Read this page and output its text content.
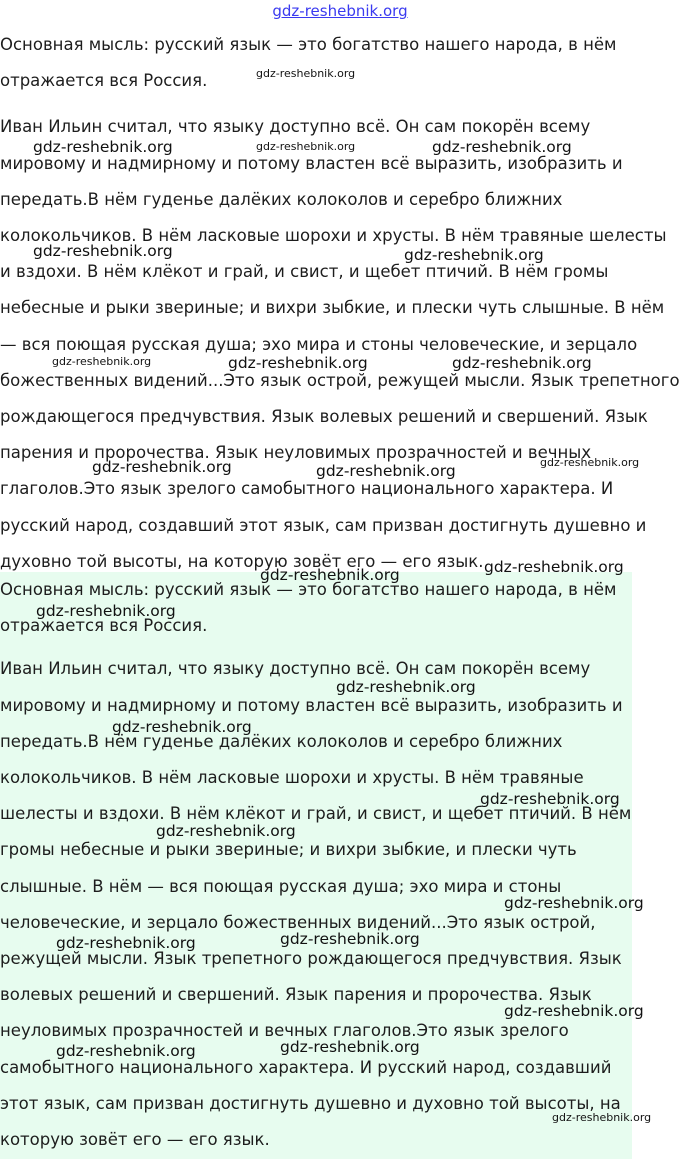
gdz-reshebnik.org

Основная мысль: русский язык — это богатство нашего народа, в нём отражается вся Россия.

Иван Ильин считал, что языку доступно всё. Он сам покорён всему мировому и надмирному и потому властен всё выразить, изобразить и передать.В нём гуденье далёких колоколов и серебро ближних колокольчиков. В нём ласковые шорохи и хрусты. В нём травяные шелесты и вздохи. В нём клёкот и грай, и свист, и щебет птичий. В нём громы небесные и рыки звериные; и вихри зыбкие, и плески чуть слышные. В нём — вся поющая русская душа; эхо мира и стоны человеческие, и зерцало божественных видений...Это язык острой, режущей мысли. Язык трепетного рождающегося предчувствия. Язык волевых решений и свершений. Язык парения и пророчества. Язык неуловимых прозрачностей и вечных глаголов.Это язык зрелого самобытного национального характера. И русский народ, создавший этот язык, сам призван достигнуть душевно и духовно той высоты, на которую зовёт его — его язык.

Основная мысль: русский язык — это богатство нашего народа, в нём отражается вся Россия.

Иван Ильин считал, что языку доступно всё. Он сам покорён всему мировому и надмирному и потому властен всё выразить, изобразить и передать.В нём гуденье далёких колоколов и серебро ближних колокольчиков. В нём ласковые шорохи и хрусты. В нём травяные шелесты и вздохи. В нём клёкот и грай, и свист, и щебет птичий. В нём громы небесные и рыки звериные; и вихри зыбкие, и плески чуть слышные. В нём — вся поющая русская душа; эхо мира и стоны человеческие, и зерцало божественных видений...Это язык острой, режущей мысли. Язык трепетного рождающегося предчувствия. Язык волевых решений и свершений. Язык парения и пророчества. Язык неуловимых прозрачностей и вечных глаголов.Это язык зрелого самобытного национального характера. И русский народ, создавший этот язык, сам призван достигнуть душевно и духовно той высоты, на которую зовёт его — его язык.

gdz-reshebnik.org
gdz-reshebnik.org
gdz-reshebnik.org	gdz-reshebnik.org
gdz-reshebnik.org	gdz-reshebnik.org
gdz-reshebnik.org	gdz-reshebnik.org	gdz-reshebnik.org
gdz-reshebnik.org	gdz-reshebnik.org	gdz-reshebnik.org
gdz-reshebnik.org	gdz-reshebnik.org
gdz-reshebnik.org
gdz-reshebnik.org
gdz-reshebnik.org
gdz-reshebnik.org
gdz-reshebnik.org
gdz-reshebnik.org
gdz-reshebnik.org	gdz-reshebnik.org
gdz-reshebnik.org
gdz-reshebnik.org	gdz-reshebnik.org
gdz-reshebnik.org
